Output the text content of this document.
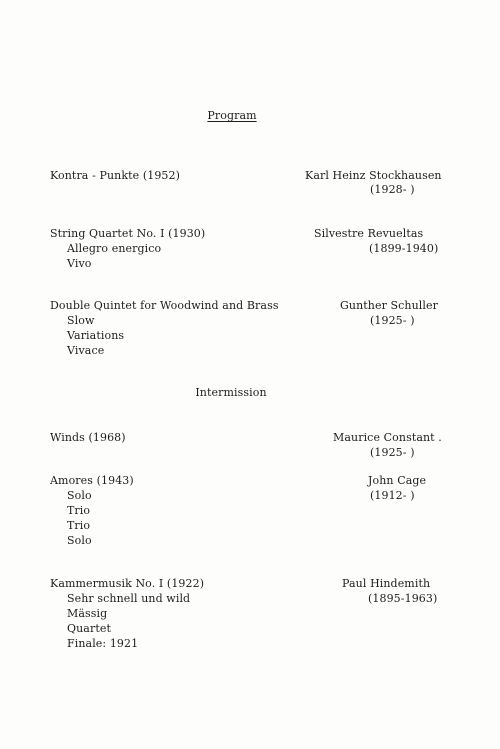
Program
Kontra - Punkte (1952)	Karl Heinz Stockhausen
(1928- )
String Quartet No. I (1930)
Allegro energico
Vivo
Silvestre Revueltas
(1899-1940)
Double Quintet for Woodwind and Brass
Slow
Variations
Vivace
Gunther Schuller
(1925- )
Intermission
Winds (1968)	Maurice Constant .
(1925- )
Amores (1943)
Solo
Trio
Trio
Solo
John Cage
(1912- )
Kammermusik No. I (1922)
Sehr schnell und wild
Mässig
Quartet
Finale: 1921
Paul Hindemith
(1895-1963)
